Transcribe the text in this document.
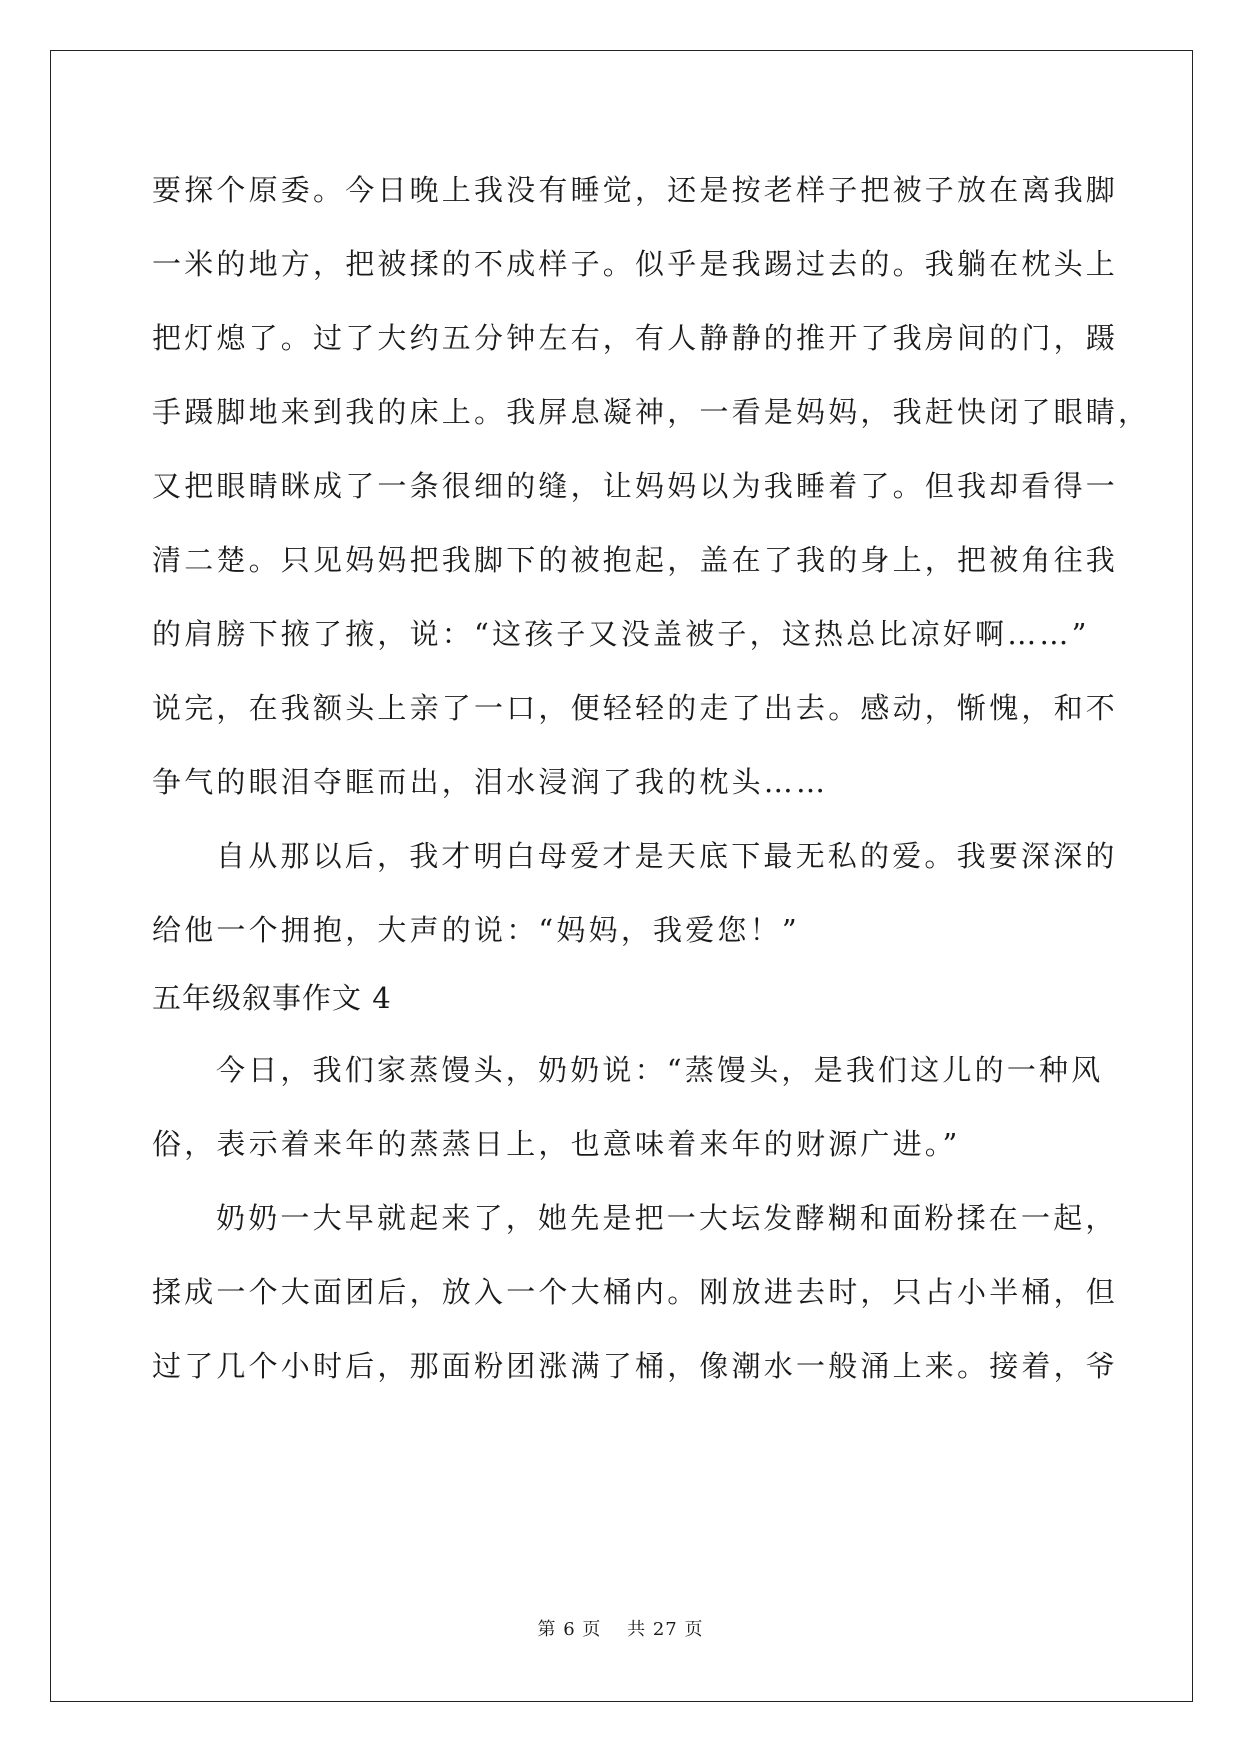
要探个原委。今日晚上我没有睡觉，还是按老样子把被子放在离我脚
一米的地方，把被揉的不成样子。似乎是我踢过去的。我躺在枕头上
把灯熄了。过了大约五分钟左右，有人静静的推开了我房间的门，蹑
手蹑脚地来到我的床上。我屏息凝神，一看是妈妈，我赶快闭了眼睛，
又把眼睛眯成了一条很细的缝，让妈妈以为我睡着了。但我却看得一
清二楚。只见妈妈把我脚下的被抱起，盖在了我的身上，把被角往我
的肩膀下掖了掖，说：“这孩子又没盖被子，这热总比凉好啊……”
说完，在我额头上亲了一口，便轻轻的走了出去。感动，惭愧，和不
争气的眼泪夺眶而出，泪水浸润了我的枕头……
自从那以后，我才明白母爱才是天底下最无私的爱。我要深深的
给他一个拥抱，大声的说：“妈妈，我爱您！”
五年级叙事作文 4
今日，我们家蒸馒头，奶奶说：“蒸馒头，是我们这儿的一种风
俗，表示着来年的蒸蒸日上，也意味着来年的财源广进。”
奶奶一大早就起来了，她先是把一大坛发酵糊和面粉揉在一起，
揉成一个大面团后，放入一个大桶内。刚放进去时，只占小半桶，但
过了几个小时后，那面粉团涨满了桶，像潮水一般涌上来。接着，爷
第 6 页　 共 27 页
